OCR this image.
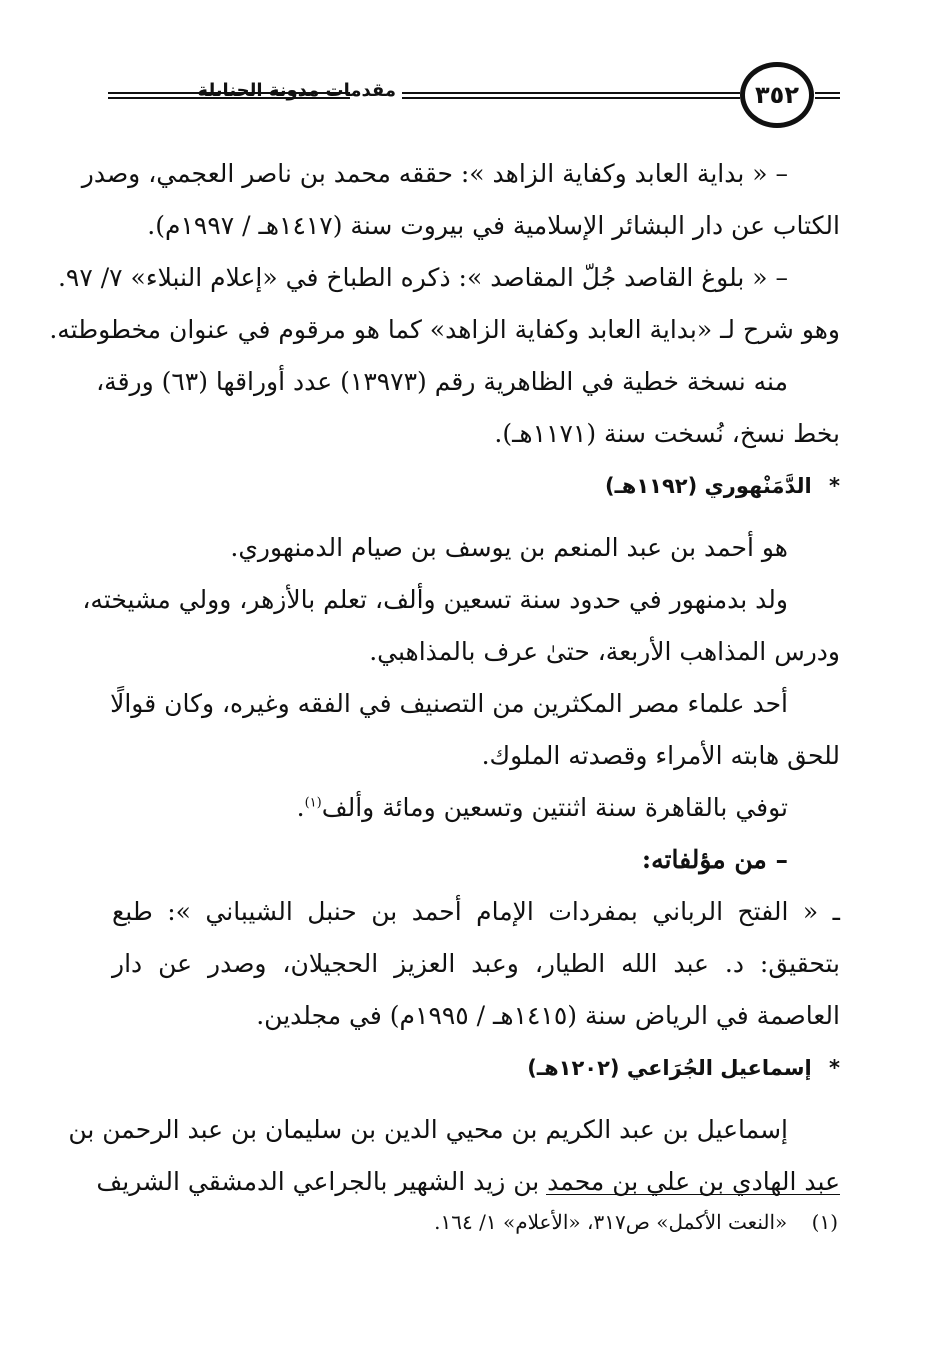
مقدمات مدونة الحنابلة	٣٥٢
– « بداية العابد وكفاية الزاهد »: حققه محمد بن ناصر العجمي، وصدر
الكتاب عن دار البشائر الإسلامية في بيروت سنة (١٤١٧هـ / ١٩٩٧م).
– « بلوغ القاصد جُلّ المقاصد »: ذكره الطباخ في «إعلام النبلاء» ٧/ ٩٧.
وهو شرح لـ «بداية العابد وكفاية الزاهد» كما هو مرقوم في عنوان مخطوطته.
منه نسخة خطية في الظاهرية رقم (١٣٩٧٣) عدد أوراقها (٦٣) ورقة،
بخط نسخ، نُسخت سنة (١١٧١هـ).
* الدَّمَنْهوري (١١٩٢هـ)
هو أحمد بن عبد المنعم بن يوسف بن صيام الدمنهوري.
ولد بدمنهور في حدود سنة تسعين وألف، تعلم بالأزهر، وولي مشيخته،
ودرس المذاهب الأربعة، حتىٰ عرف بالمذاهبي.
أحد علماء مصر المكثرين من التصنيف في الفقه وغيره، وكان قوالًا
للحق هابته الأمراء وقصدته الملوك.
توفي بالقاهرة سنة اثنتين وتسعين ومائة وألف$^{(١)}$.
– من مؤلفاته:
ـ « الفتح الرباني بمفردات الإمام أحمد بن حنبل الشيباني »: طبع
بتحقيق: د. عبد الله الطيار، وعبد العزيز الحجيلان، وصدر عن دار
العاصمة في الرياض سنة (١٤١٥هـ / ١٩٩٥م) في مجلدين.
* إسماعيل الجُرَاعي (١٢٠٢هـ)
إسماعيل بن عبد الكريم بن محيي الدين بن سليمان بن عبد الرحمن بن
عبد الهادي بن علي بن محمد بن زيد الشهير بالجراعي الدمشقي الشريف
(١) «النعت الأكمل» ص٣١٧، «الأعلام» ١/ ١٦٤.
